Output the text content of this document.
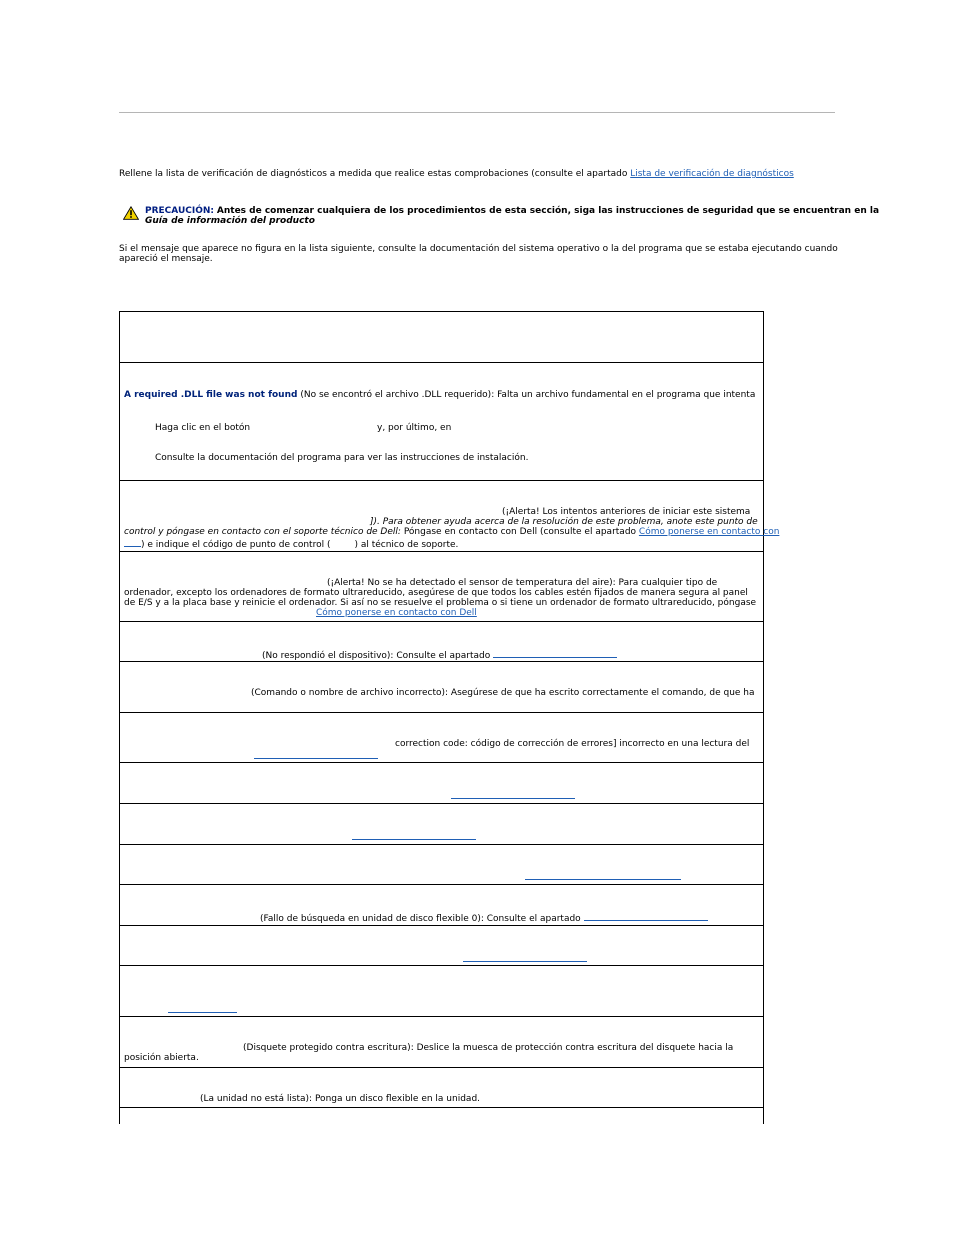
Rellene la lista de verificación de diagnósticos a medida que realice estas comprobaciones (consulte el apartado Lista de verificación de diagnósticos
PRECAUCIÓN: Antes de comenzar cualquiera de los procedimientos de esta sección, siga las instrucciones de seguridad que se encuentran en la
Guía de información del producto
Si el mensaje que aparece no figura en la lista siguiente, consulte la documentación del sistema operativo o la del programa que se estaba ejecutando cuando
apareció el mensaje.
A required .DLL file was not found (No se encontró el archivo .DLL requerido): Falta un archivo fundamental en el programa que intenta
Haga clic en el botón	y, por último, en
Consulte la documentación del programa para ver las instrucciones de instalación.
(¡Alerta! Los intentos anteriores de iniciar este sistema
]). Para obtener ayuda acerca de la resolución de este problema, anote este punto de
control y póngase en contacto con el soporte técnico de Dell: Póngase en contacto con Dell (consulte el apartado Cómo ponerse en contacto con
) e indique el código de punto de control (	) al técnico de soporte.
(¡Alerta! No se ha detectado el sensor de temperatura del aire): Para cualquier tipo de
ordenador, excepto los ordenadores de formato ultrareducido, asegúrese de que todos los cables estén fijados de manera segura al panel
de E/S y a la placa base y reinicie el ordenador. Si así no se resuelve el problema o si tiene un ordenador de formato ultrareducido, póngase
Cómo ponerse en contacto con Dell
(No respondió el dispositivo): Consulte el apartado
(Comando o nombre de archivo incorrecto): Asegúrese de que ha escrito correctamente el comando, de que ha
correction code: código de corrección de errores] incorrecto en una lectura del
(Fallo de búsqueda en unidad de disco flexible 0): Consulte el apartado
(Disquete protegido contra escritura): Deslice la muesca de protección contra escritura del disquete hacia la
posición abierta.
(La unidad no está lista): Ponga un disco flexible en la unidad.
